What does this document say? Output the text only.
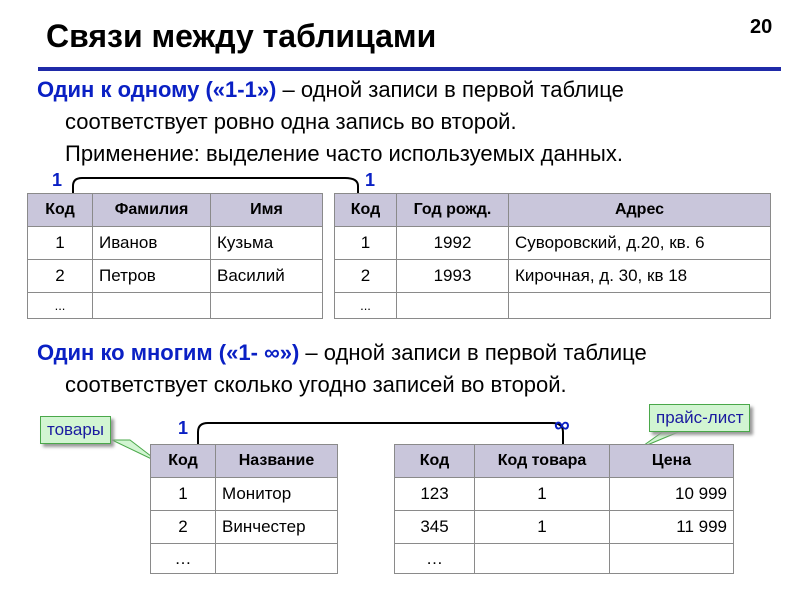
20
Связи между таблицами
Один к одному («1-1») – одной записи в первой таблице
соответствует ровно одна запись во второй.
Применение: выделение часто используемых данных.
1	1
Код	Фамилия	Имя
1	Иванов	Кузьма
2	Петров	Василий
...		
Код	Год рожд.	Адрес
1	1992	Суворовский, д.20, кв. 6
2	1993	Кирочная, д. 30, кв 18
...		
Один ко многим («1- ∞») – одной записи в первой таблице
соответствует сколько угодно записей во второй.
1	∞
товары
прайс-лист
Код	Название
1	Монитор
2	Винчестер
…	
Код	Код товара	Цена
123	1	10 999
345	1	11 999
…		
